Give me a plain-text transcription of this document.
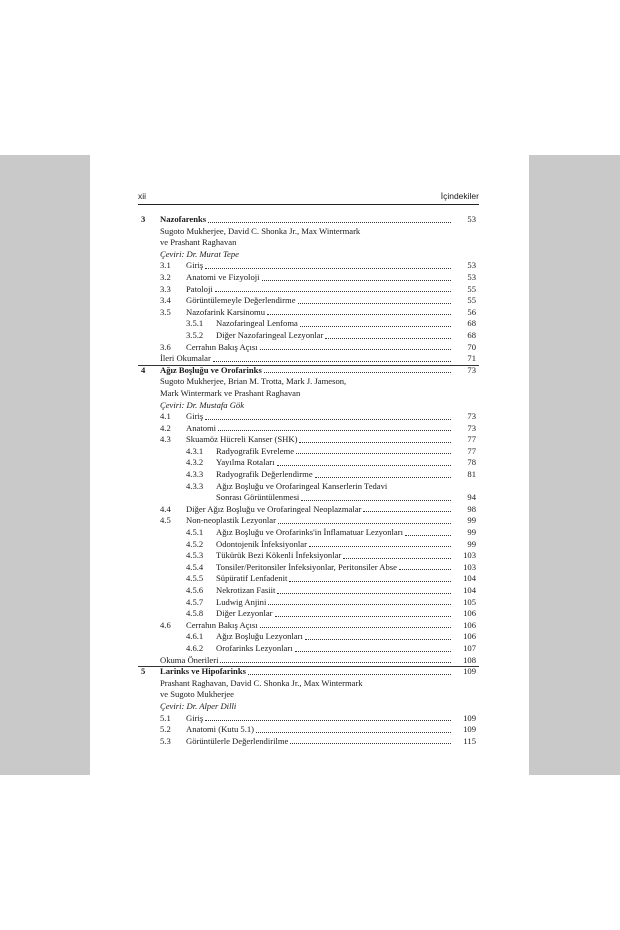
xii	İçindekiler
3 Nazofarenks	53
Sugoto Mukherjee, David C. Shonka Jr., Max Wintermark
ve Prashant Raghavan
Çeviri: Dr. Murat Tepe
3.1 Giriş	53
3.2 Anatomi ve Fizyoloji	53
3.3 Patoloji	55
3.4 Görüntülemeyle Değerlendirme	55
3.5 Nazofarink Karsinomu	56
3.5.1 Nazofaringeal Lenfoma	68
3.5.2 Diğer Nazofaringeal Lezyonlar	68
3.6 Cerrahın Bakış Açısı	70
İleri Okumalar	71
4 Ağız Boşluğu ve Orofarinks	73
Sugoto Mukherjee, Brian M. Trotta, Mark J. Jameson,
Mark Wintermark ve Prashant Raghavan
Çeviri: Dr. Mustafa Gök
4.1 Giriş	73
4.2 Anatomi	73
4.3 Skuamöz Hücreli Kanser (SHK)	77
4.3.1 Radyografik Evreleme	77
4.3.2 Yayılma Rotaları	78
4.3.3 Radyografik Değerlendirme	81
4.3.3 Ağız Boşluğu ve Orofaringeal Kanserlerin Tedavi
Sonrası Görüntülenmesi	94
4.4 Diğer Ağız Boşluğu ve Orofaringeal Neoplazmalar	98
4.5 Non-neoplastik Lezyonlar	99
4.5.1 Ağız Boşluğu ve Orofarinks'in İnflamatuar Lezyonları	99
4.5.2 Odontojenik İnfeksiyonlar	99
4.5.3 Tükürük Bezi Kökenli İnfeksiyonlar	103
4.5.4 Tonsiler/Peritonsiler İnfeksiyonlar, Peritonsiler Abse	103
4.5.5 Süpüratif Lenfadenit	104
4.5.6 Nekrotizan Fasiit	104
4.5.7 Ludwig Anjini	105
4.5.8 Diğer Lezyonlar	106
4.6 Cerrahın Bakış Açısı	106
4.6.1 Ağız Boşluğu Lezyonları	106
4.6.2 Orofarinks Lezyonları	107
Okuma Önerileri	108
5 Larinks ve Hipofarinks	109
Prashant Raghavan, David C. Shonka Jr., Max Wintermark
ve Sugoto Mukherjee
Çeviri: Dr. Alper Dilli
5.1 Giriş	109
5.2 Anatomi (Kutu 5.1)	109
5.3 Görüntülerle Değerlendirilme	115
